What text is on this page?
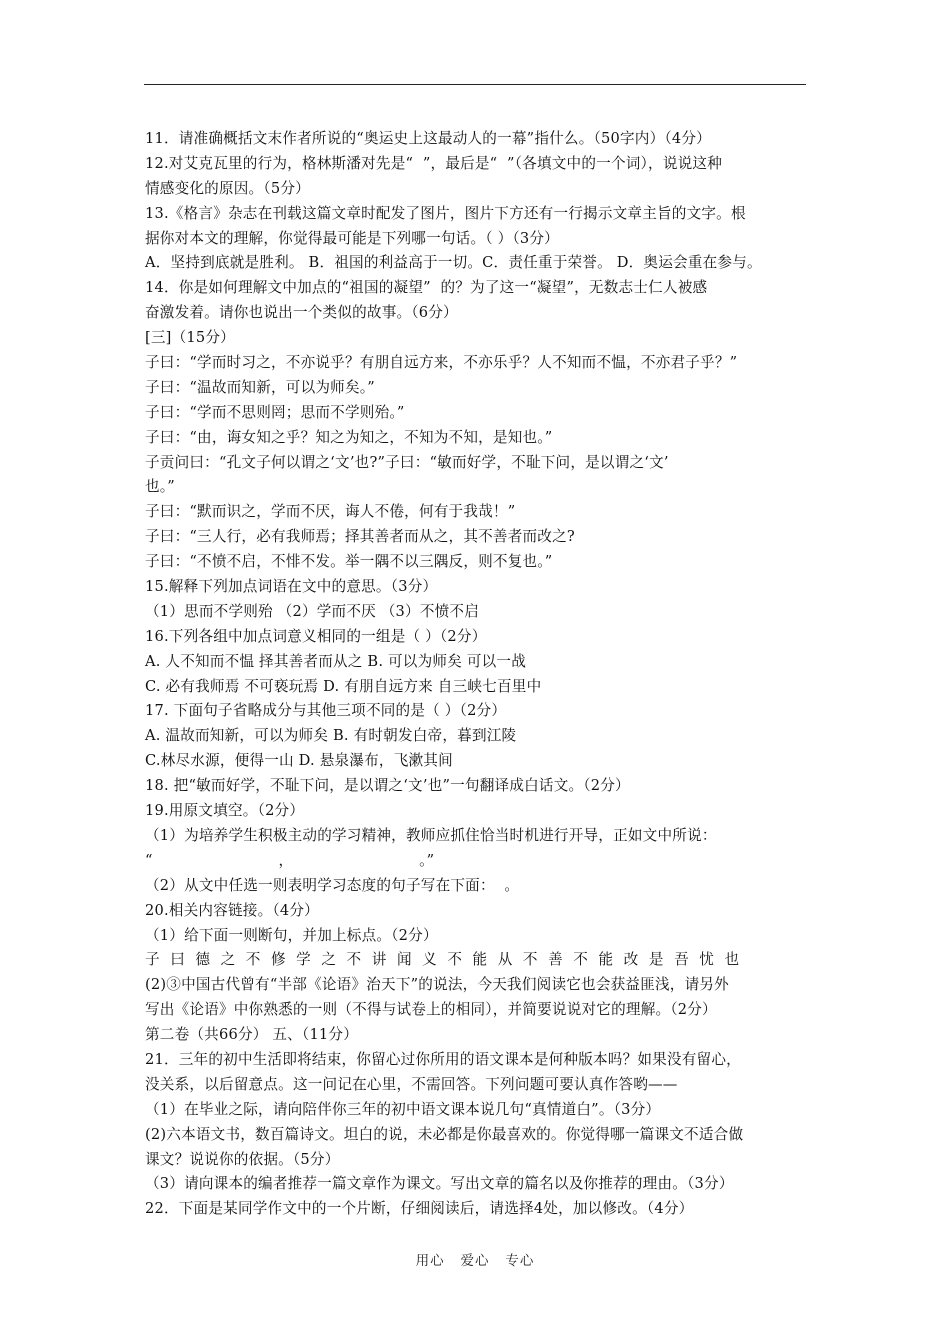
11．请准确概括文末作者所说的“奥运史上这最动人的一幕”指什么。（50字内）（4分）
12.对艾克瓦里的行为，格林斯潘对先是“  ”，最后是“  ”（各填文中的一个词），说说这种
情感变化的原因。（5分）
13.《格言》杂志在刊载这篇文章时配发了图片，图片下方还有一行揭示文章主旨的文字。根
据你对本文的理解，你觉得最可能是下列哪一句话。（ ）（3分）
A．坚持到底就是胜利。 B．祖国的利益高于一切。C．责任重于荣誉。 D．奥运会重在参与。
14．你是如何理解文中加点的“祖国的凝望”  的？为了这一“凝望”，无数志士仁人被感
奋激发着。请你也说出一个类似的故事。（6分）
[三]（15分）
子曰：“学而时习之，不亦说乎？有朋自远方来，不亦乐乎？人不知而不愠，不亦君子乎？”
子曰：“温故而知新，可以为师矣。”
子曰：“学而不思则罔；思而不学则殆。”
子曰：“由，诲女知之乎？知之为知之，不知为不知，是知也。”
子贡问曰：“孔文子何以谓之‘文’也?”子曰：“敏而好学，不耻下问，是以谓之‘文’
也。”
子曰：“默而识之，学而不厌，诲人不倦，何有于我哉！”
子曰：“三人行，必有我师焉；择其善者而从之，其不善者而改之?
子曰：“不愤不启，不悱不发。举一隅不以三隅反，则不复也。”
15.解释下列加点词语在文中的意思。（3分）
（1）思而不学则殆 （2）学而不厌 （3）不愤不启
16.下列各组中加点词意义相同的一组是（ ）（2分）
A. 人不知而不愠 择其善者而从之 B. 可以为师矣 可以一战
C. 必有我师焉 不可亵玩焉 D. 有朋自远方来 自三峡七百里中
17. 下面句子省略成分与其他三项不同的是（ ）（2分）
A. 温故而知新，可以为师矣 B. 有时朝发白帝，暮到江陵
C.林尽水源，便得一山 D. 悬泉瀑布，飞漱其间
18. 把“敏而好学，不耻下问，是以谓之‘文’也”一句翻译成白话文。（2分）
19.用原文填空。（2分）
（1）为培养学生积极主动的学习精神，教师应抓住恰当时机进行开导，正如文中所说：
“                          ，                          。”
（2）从文中任选一则表明学习态度的句子写在下面：  。
20.相关内容链接。（4分）
（1）给下面一则断句，并加上标点。（2分）
子曰德之不修学之不讲闻义不能从不善不能改是吾忧也
(2)③中国古代曾有“半部《论语》治天下”的说法，今天我们阅读它也会获益匪浅，请另外
写出《论语》中你熟悉的一则（不得与试卷上的相同），并简要说说对它的理解。（2分）
第二卷（共66分） 五、（11分）
21．三年的初中生活即将结束，你留心过你所用的语文课本是何种版本吗？如果没有留心，
没关系，以后留意点。这一问记在心里，不需回答。下列问题可要认真作答哟——
（1）在毕业之际，请向陪伴你三年的初中语文课本说几句“真情道白”。（3分）
(2)六本语文书，数百篇诗文。坦白的说，未必都是你最喜欢的。你觉得哪一篇课文不适合做
课文？说说你的依据。（5分）
（3）请向课本的编者推荐一篇文章作为课文。写出文章的篇名以及你推荐的理由。（3分）
22．下面是某同学作文中的一个片断，仔细阅读后，请选择4处，加以修改。（4分）
用心   爱心   专心
